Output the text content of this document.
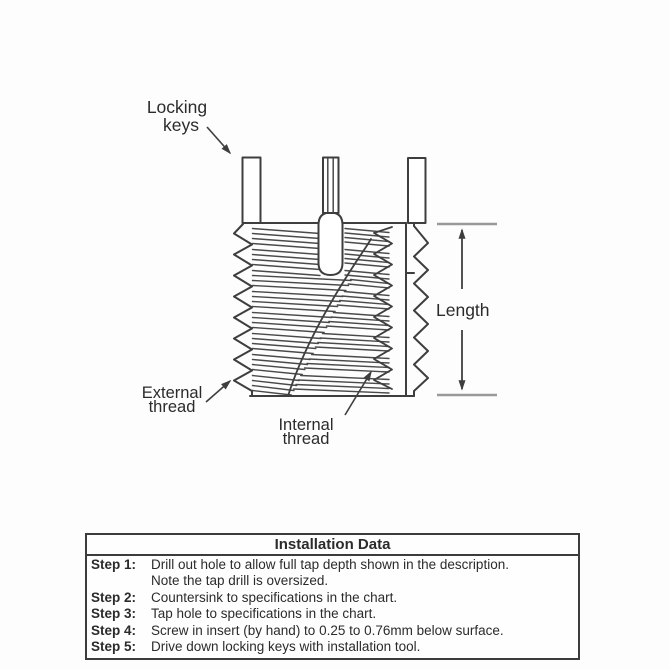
Locking
keys
Length
External
thread
Internal
thread
Installation Data
Step 1:	Drill out hole to allow full tap depth shown in the description.
Note the tap drill is oversized.
Step 2:	Countersink to specifications in the chart.
Step 3:	Tap hole to specifications in the chart.
Step 4:	Screw in insert (by hand) to 0.25 to 0.76mm below surface.
Step 5:	Drive down locking keys with installation tool.
